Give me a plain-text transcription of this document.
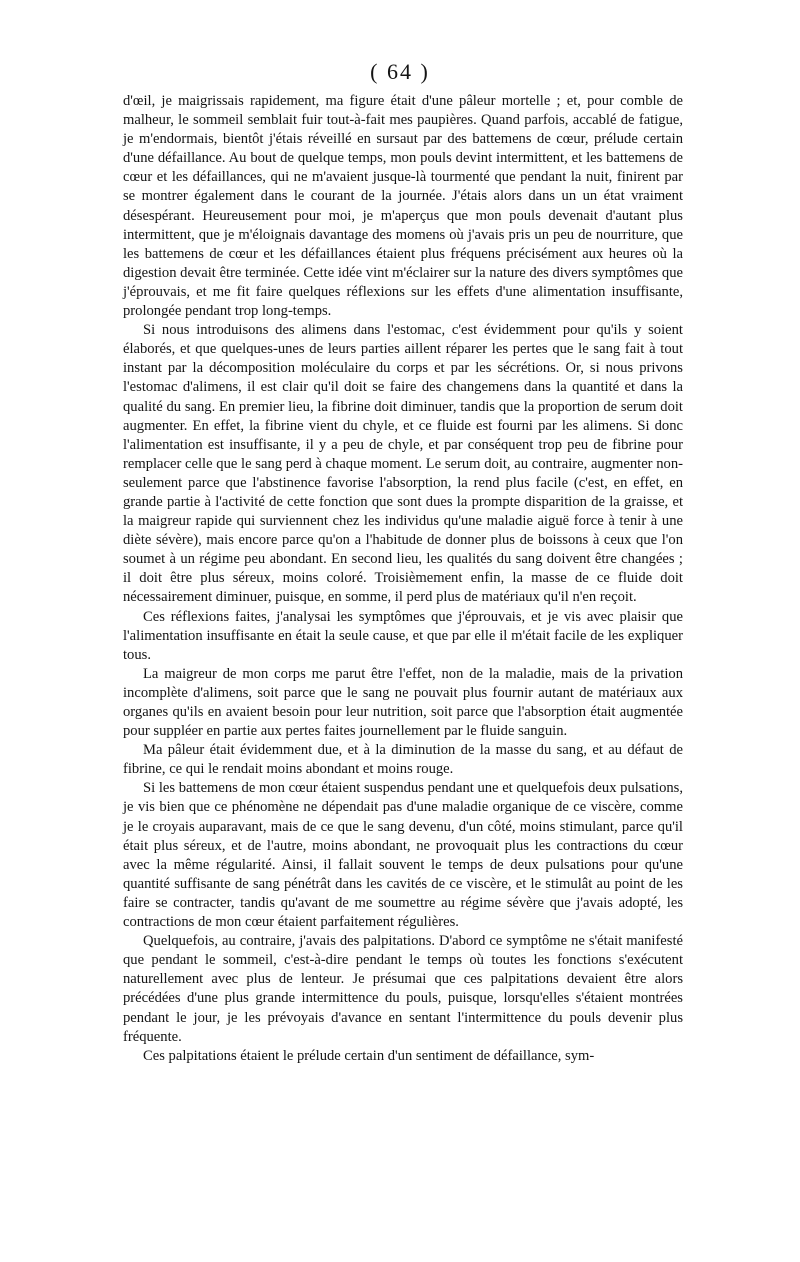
( 64 )

d'œil, je maigrissais rapidement, ma figure était d'une pâleur mortelle ; et, pour comble de malheur, le sommeil semblait fuir tout-à-fait mes paupières. Quand parfois, accablé de fatigue, je m'endormais, bientôt j'étais réveillé en sursaut par des battemens de cœur, prélude certain d'une défaillance. Au bout de quelque temps, mon pouls devint intermittent, et les battemens de cœur et les défaillances, qui ne m'avaient jusque-là tourmenté que pendant la nuit, finirent par se montrer également dans le courant de la journée. J'étais alors dans un un état vraiment désespérant. Heureusement pour moi, je m'aperçus que mon pouls devenait d'autant plus intermittent, que je m'éloignais davantage des momens où j'avais pris un peu de nourriture, que les battemens de cœur et les défaillances étaient plus fréquens précisément aux heures où la digestion devait être terminée. Cette idée vint m'éclairer sur la nature des divers symptômes que j'éprouvais, et me fit faire quelques réflexions sur les effets d'une alimentation insuffisante, prolongée pendant trop long-temps.

Si nous introduisons des alimens dans l'estomac, c'est évidemment pour qu'ils y soient élaborés, et que quelques-unes de leurs parties aillent réparer les pertes que le sang fait à tout instant par la décomposition moléculaire du corps et par les sécrétions. Or, si nous privons l'estomac d'alimens, il est clair qu'il doit se faire des changemens dans la quantité et dans la qualité du sang. En premier lieu, la fibrine doit diminuer, tandis que la proportion de serum doit augmenter. En effet, la fibrine vient du chyle, et ce fluide est fourni par les alimens. Si donc l'alimentation est insuffisante, il y a peu de chyle, et par conséquent trop peu de fibrine pour remplacer celle que le sang perd à chaque moment. Le serum doit, au contraire, augmenter non-seulement parce que l'abstinence favorise l'absorption, la rend plus facile (c'est, en effet, en grande partie à l'activité de cette fonction que sont dues la prompte disparition de la graisse, et la maigreur rapide qui surviennent chez les individus qu'une maladie aiguë force à tenir à une diète sévère), mais encore parce qu'on a l'habitude de donner plus de boissons à ceux que l'on soumet à un régime peu abondant. En second lieu, les qualités du sang doivent être changées ; il doit être plus séreux, moins coloré. Troisièmement enfin, la masse de ce fluide doit nécessairement diminuer, puisque, en somme, il perd plus de matériaux qu'il n'en reçoit.

Ces réflexions faites, j'analysai les symptômes que j'éprouvais, et je vis avec plaisir que l'alimentation insuffisante en était la seule cause, et que par elle il m'était facile de les expliquer tous.

La maigreur de mon corps me parut être l'effet, non de la maladie, mais de la privation incomplète d'alimens, soit parce que le sang ne pouvait plus fournir autant de matériaux aux organes qu'ils en avaient besoin pour leur nutrition, soit parce que l'absorption était augmentée pour suppléer en partie aux pertes faites journellement par le fluide sanguin.

Ma pâleur était évidemment due, et à la diminution de la masse du sang, et au défaut de fibrine, ce qui le rendait moins abondant et moins rouge.

Si les battemens de mon cœur étaient suspendus pendant une et quelquefois deux pulsations, je vis bien que ce phénomène ne dépendait pas d'une maladie organique de ce viscère, comme je le croyais auparavant, mais de ce que le sang devenu, d'un côté, moins stimulant, parce qu'il était plus séreux, et de l'autre, moins abondant, ne provoquait plus les contractions du cœur avec la même régularité. Ainsi, il fallait souvent le temps de deux pulsations pour qu'une quantité suffisante de sang pénétrât dans les cavités de ce viscère, et le stimulât au point de les faire se contracter, tandis qu'avant de me soumettre au régime sévère que j'avais adopté, les contractions de mon cœur étaient parfaitement régulières.

Quelquefois, au contraire, j'avais des palpitations. D'abord ce symptôme ne s'était manifesté que pendant le sommeil, c'est-à-dire pendant le temps où toutes les fonctions s'exécutent naturellement avec plus de lenteur. Je présumai que ces palpitations devaient être alors précédées d'une plus grande intermittence du pouls, puisque, lorsqu'elles s'étaient montrées pendant le jour, je les prévoyais d'avance en sentant l'intermittence du pouls devenir plus fréquente.

Ces palpitations étaient le prélude certain d'un sentiment de défaillance, sym-
